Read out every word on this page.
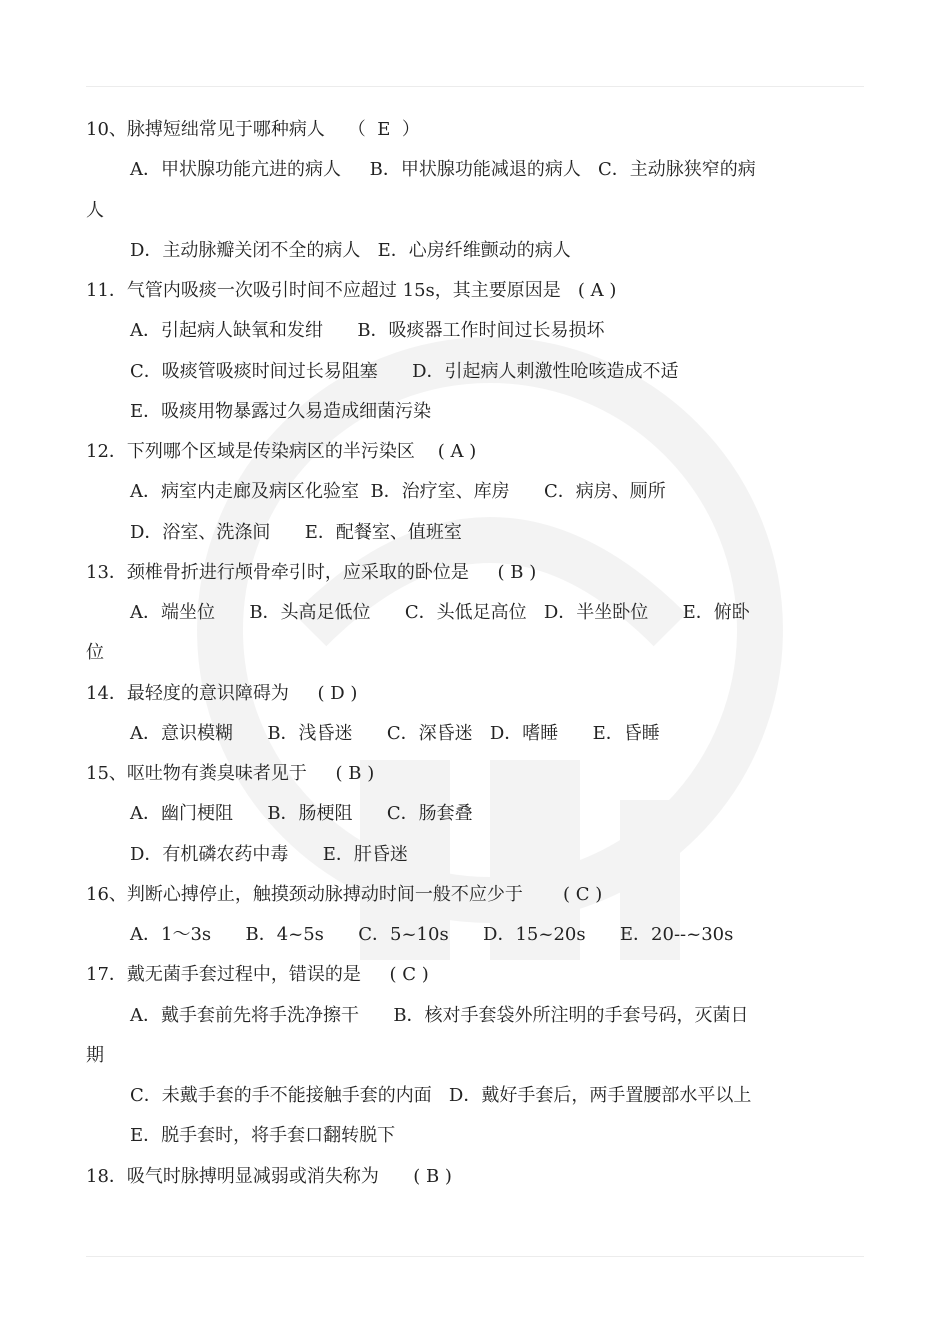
10、脉搏短绌常见于哪种病人    （  E  ）
A．甲状腺功能亢进的病人     B．甲状腺功能减退的病人   C．主动脉狭窄的病
人
D．主动脉瓣关闭不全的病人   E．心房纤维颤动的病人
11．气管内吸痰一次吸引时间不应超过 15s，其主要原因是   ( A )
A．引起病人缺氧和发绀      B．吸痰器工作时间过长易损坏
C．吸痰管吸痰时间过长易阻塞      D．引起病人刺激性呛咳造成不适
E．吸痰用物暴露过久易造成细菌污染
12．下列哪个区域是传染病区的半污染区    ( A )
A．病室内走廊及病区化验室  B．治疗室、库房      C．病房、厕所
D．浴室、洗涤间      E．配餐室、值班室
13．颈椎骨折进行颅骨牵引时，应采取的卧位是     ( B )
A．端坐位      B．头高足低位      C．头低足高位   D．半坐卧位      E．俯卧
位
14．最轻度的意识障碍为     ( D )
A．意识模糊      B．浅昏迷      C．深昏迷   D．嗜睡      E．昏睡
15、呕吐物有粪臭味者见于     ( B )
A．幽门梗阻      B．肠梗阻      C．肠套叠
D．有机磷农药中毒      E．肝昏迷
16、判断心搏停止，触摸颈动脉搏动时间一般不应少于       ( C )
A．1～3s      B．4~5s      C．5~10s      D．15~20s      E．20--~30s
17．戴无菌手套过程中，错误的是     ( C )
A．戴手套前先将手洗净擦干      B．核对手套袋外所注明的手套号码，灭菌日
期
C．未戴手套的手不能接触手套的内面   D．戴好手套后，两手置腰部水平以上
E．脱手套时，将手套口翻转脱下
18．吸气时脉搏明显减弱或消失称为      ( B )
